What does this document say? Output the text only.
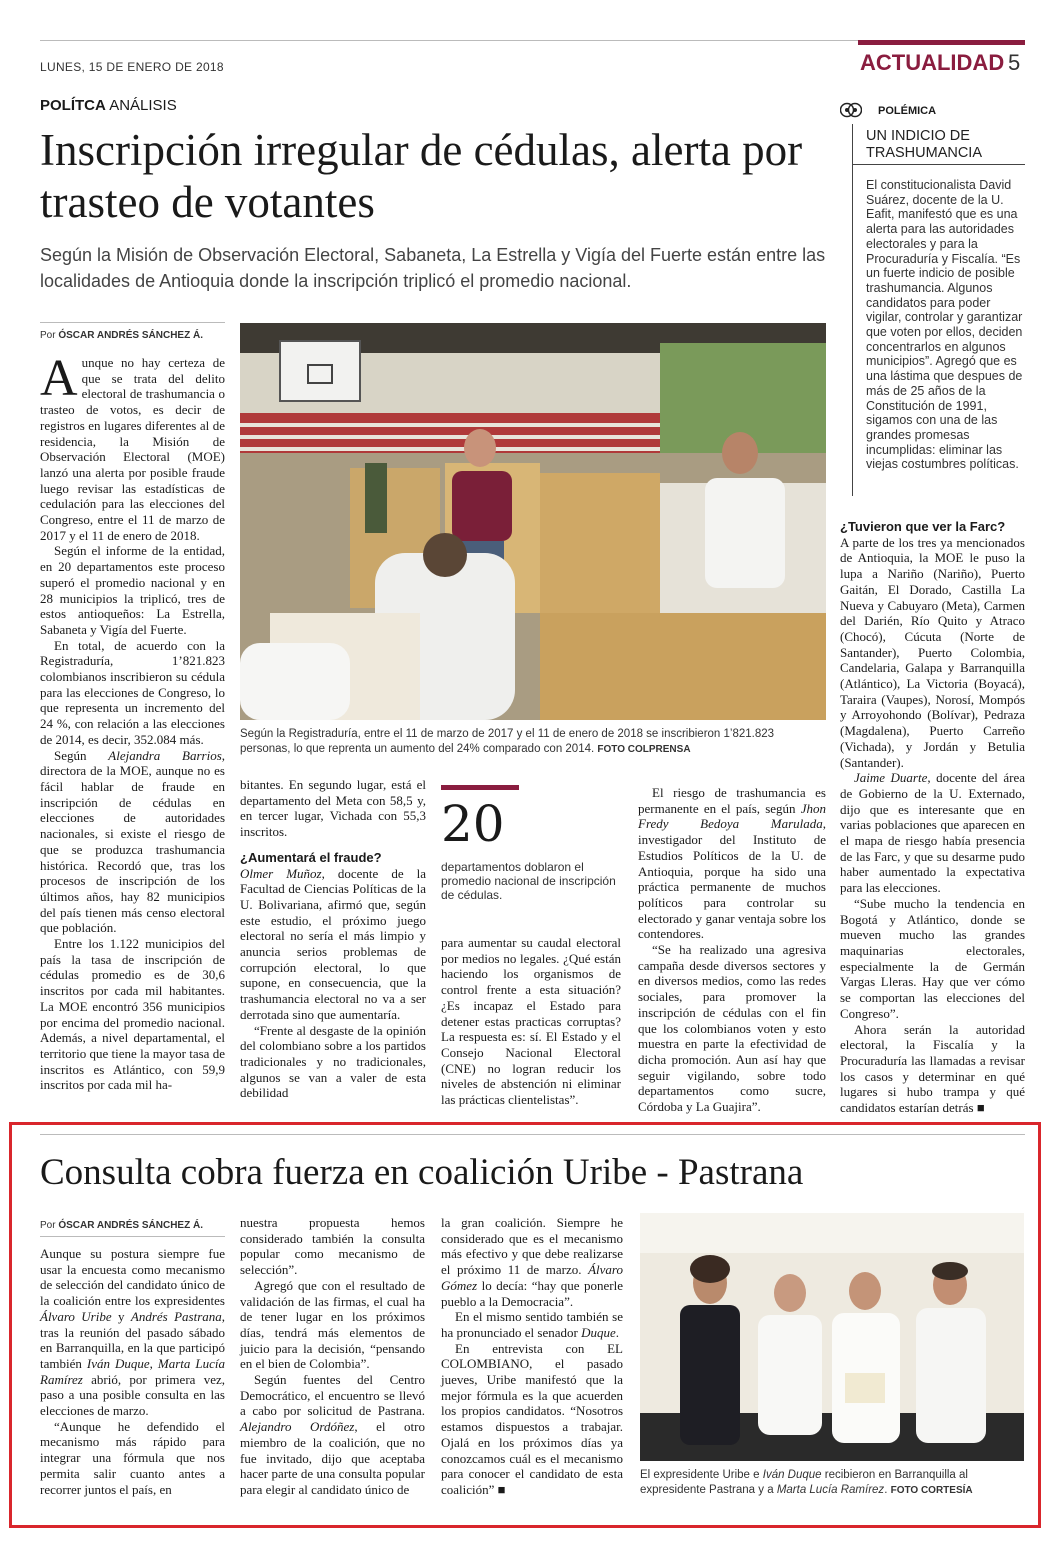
LUNES, 15 DE ENERO DE 2018	ACTUALIDAD 5
POLÍTCA ANÁLISIS
Inscripción irregular de cédulas, alerta por trasteo de votantes
Según la Misión de Observación Electoral, Sabaneta, La Estrella y Vigía del Fuerte están entre las localidades de Antioquia donde la inscripción triplicó el promedio nacional.
Por ÓSCAR ANDRÉS SÁNCHEZ Á.

Aunque no hay certeza de que se trata del delito electoral de trashumancia o trasteo de votos, es decir de registros en lugares diferentes al de residencia, la Misión de Observación Electoral (MOE) lanzó una alerta por posible fraude luego revisar las estadísticas de cedulación para las elecciones del Congreso, entre el 11 de marzo de 2017 y el 11 de enero de 2018.

Según el informe de la entidad, en 20 departamentos este proceso superó el promedio nacional y en 28 municipios la triplicó, tres de estos antioqueños: La Estrella, Sabaneta y Vigía del Fuerte.

En total, de acuerdo con la Registraduría, 1’821.823 colombianos inscribieron su cédula para las elecciones de Congreso, lo que representa un incremento del 24 %, con relación a las elecciones de 2014, es decir, 352.084 más.

Según Alejandra Barrios, directora de la MOE, aunque no es fácil hablar de fraude en inscripción de cédulas en elecciones de autoridades nacionales, si existe el riesgo de que se produzca trashumancia histórica. Recordó que, tras los procesos de inscripción de los últimos años, hay 82 municipios del país tienen más censo electoral que población.

Entre los 1.122 municipios del país la tasa de inscripción de cédulas promedio es de 30,6 inscritos por cada mil habitantes. La MOE encontró 356 municipios por encima del promedio nacional. Además, a nivel departamental, el territorio que tiene la mayor tasa de inscritos es Atlántico, con 59,9 inscritos por cada mil ha-

Según la Registraduría, entre el 11 de marzo de 2017 y el 11 de enero de 2018 se inscribieron 1’821.823 personas, lo que reprenta un aumento del 24% comparado con 2014. FOTO COLPRENSA

bitantes. En segundo lugar, está el departamento del Meta con 58,5 y, en tercer lugar, Vichada con 55,3 inscritos.

¿Aumentará el fraude?

Olmer Muñoz, docente de la Facultad de Ciencias Políticas de la U. Bolivariana, afirmó que, según este estudio, el próximo juego electoral no sería el más limpio y anuncia serios problemas de corrupción electoral, lo que supone, en consecuencia, que la trashumancia electoral no va a ser derrotada sino que aumentaría.

“Frente al desgaste de la opinión del colombiano sobre a los partidos tradicionales y no tradicionales, algunos se van a valer de esta debilidad

20
departamentos doblaron el promedio nacional de inscripción de cédulas.

para aumentar su caudal electoral por medios no legales. ¿Qué están haciendo los organismos de control frente a esta situación? ¿Es incapaz el Estado para detener estas practicas corruptas? La respuesta es: sí. El Estado y el Consejo Nacional Electoral (CNE) no logran reducir los niveles de abstención ni eliminar las prácticas clientelistas”.

El riesgo de trashumancia es permanente en el país, según Jhon Fredy Bedoya Marulada, investigador del Instituto de Estudios Políticos de la U. de Antioquia, porque ha sido una práctica permanente de muchos políticos para controlar su electorado y ganar ventaja sobre los contendores.

“Se ha realizado una agresiva campaña desde diversos sectores y en diversos medios, como las redes sociales, para promover la inscripción de cédulas con el fin que los colombianos voten y esto muestra en parte la efectividad de dicha promoción. Aun así hay que seguir vigilando, sobre todo departamentos como sucre, Córdoba y La Guajira”.

POLÉMICA
UN INDICIO DE TRASHUMANCIA
El constitucionalista David Suárez, docente de la U. Eafit, manifestó que es una alerta para las autoridades electorales y para la Procuraduría y Fiscalía. “Es un fuerte indicio de posible trashumancia. Algunos candidatos para poder vigilar, controlar y garantizar que voten por ellos, deciden concentrarlos en algunos municipios”. Agregó que es una lástima que despues de más de 25 años de la Constitución de 1991, sigamos con una de las grandes promesas incumplidas: eliminar las viejas costumbres políticas.

¿Tuvieron que ver la Farc?

A parte de los tres ya mencionados de Antioquia, la MOE le puso la lupa a Nariño (Nariño), Puerto Gaitán, El Dorado, Castilla La Nueva y Cabuyaro (Meta), Carmen del Darién, Río Quito y Atraco (Chocó), Cúcuta (Norte de Santander), Puerto Colombia, Candelaria, Galapa y Barranquilla (Atlántico), La Victoria (Boyacá), Taraira (Vaupes), Norosí, Mompós y Arroyohondo (Bolívar), Pedraza (Magdalena), Puerto Carreño (Vichada), y Jordán y Betulia (Santander).

Jaime Duarte, docente del área de Gobierno de la U. Externado, dijo que es interesante que en varias poblaciones que aparecen en el mapa de riesgo había presencia de las Farc, y que su desarme pudo haber aumentado la expectativa para las elecciones.

“Sube mucho la tendencia en Bogotá y Atlántico, donde se mueven mucho las grandes maquinarias electorales, especialmente la de Germán Vargas Lleras. Hay que ver cómo se comportan las elecciones del Congreso”.

Ahora serán la autoridad electoral, la Fiscalía y la Procuraduría las llamadas a revisar los casos y determinar en qué lugares si hubo trampa y qué candidatos estarían detrás ■

Consulta cobra fuerza en coalición Uribe - Pastrana
Por ÓSCAR ANDRÉS SÁNCHEZ Á.

Aunque su postura siempre fue usar la encuesta como mecanismo de selección del candidato único de la coalición entre los expresidentes Álvaro Uribe y Andrés Pastrana, tras la reunión del pasado sábado en Barranquilla, en la que participó también Iván Duque, Marta Lucía Ramírez abrió, por primera vez, paso a una posible consulta en las elecciones de marzo.

“Aunque he defendido el mecanismo más rápido para integrar una fórmula que nos permita salir cuanto antes a recorrer juntos el país, en

nuestra propuesta hemos considerado también la consulta popular como mecanismo de selección”.

Agregó que con el resultado de validación de las firmas, el cual ha de tener lugar en los próximos días, tendrá más elementos de juicio para la decisión, “pensando en el bien de Colombia”.

Según fuentes del Centro Democrático, el encuentro se llevó a cabo por solicitud de Pastrana. Alejandro Ordóñez, el otro miembro de la coalición, que no fue invitado, dijo que aceptaba hacer parte de una consulta popular para elegir al candidato único de

la gran coalición. Siempre he considerado que es el mecanismo más efectivo y que debe realizarse el próximo 11 de marzo. Álvaro Gómez lo decía: “hay que ponerle pueblo a la Democracia”.

En el mismo sentido también se ha pronunciado el senador Duque.

En entrevista con EL COLOMBIANO, el pasado jueves, Uribe manifestó que la mejor fórmula es la que acuerden los propios candidatos. “Nosotros estamos dispuestos a trabajar. Ojalá en los próximos días ya conozcamos cuál es el mecanismo para conocer el candidato de esta coalición” ■

El expresidente Uribe e Iván Duque recibieron en Barranquilla al expresidente Pastrana y a Marta Lucía Ramírez. FOTO CORTESÍA
